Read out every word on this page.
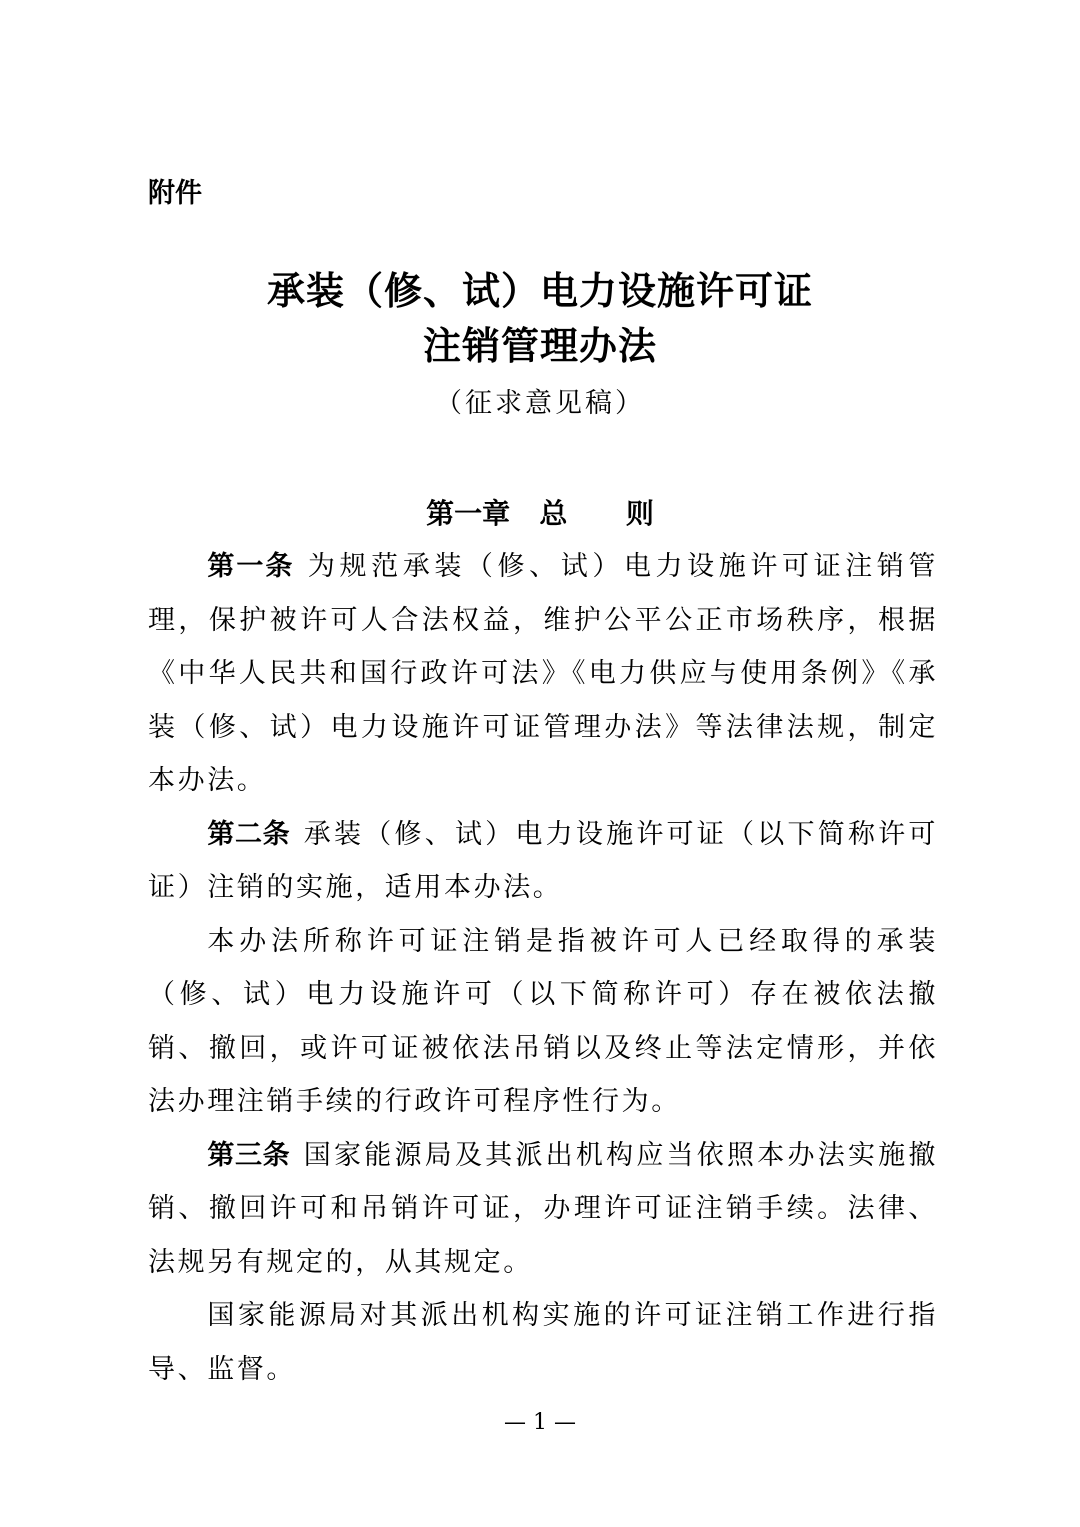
附件
承装（修、试）电力设施许可证
注销管理办法
（征求意见稿）
第一章   总      则

第一条 为规范承装（修、试）电力设施许可证注销管理，保护被许可人合法权益，维护公平公正市场秩序，根据《中华人民共和国行政许可法》《电力供应与使用条例》《承装（修、试）电力设施许可证管理办法》等法律法规，制定本办法。

第二条 承装（修、试）电力设施许可证（以下简称许可证）注销的实施，适用本办法。

本办法所称许可证注销是指被许可人已经取得的承装（修、试）电力设施许可（以下简称许可）存在被依法撤销、撤回，或许可证被依法吊销以及终止等法定情形，并依法办理注销手续的行政许可程序性行为。

第三条 国家能源局及其派出机构应当依照本办法实施撤销、撤回许可和吊销许可证，办理许可证注销手续。法律、法规另有规定的，从其规定。

国家能源局对其派出机构实施的许可证注销工作进行指导、监督。

— 1 —
